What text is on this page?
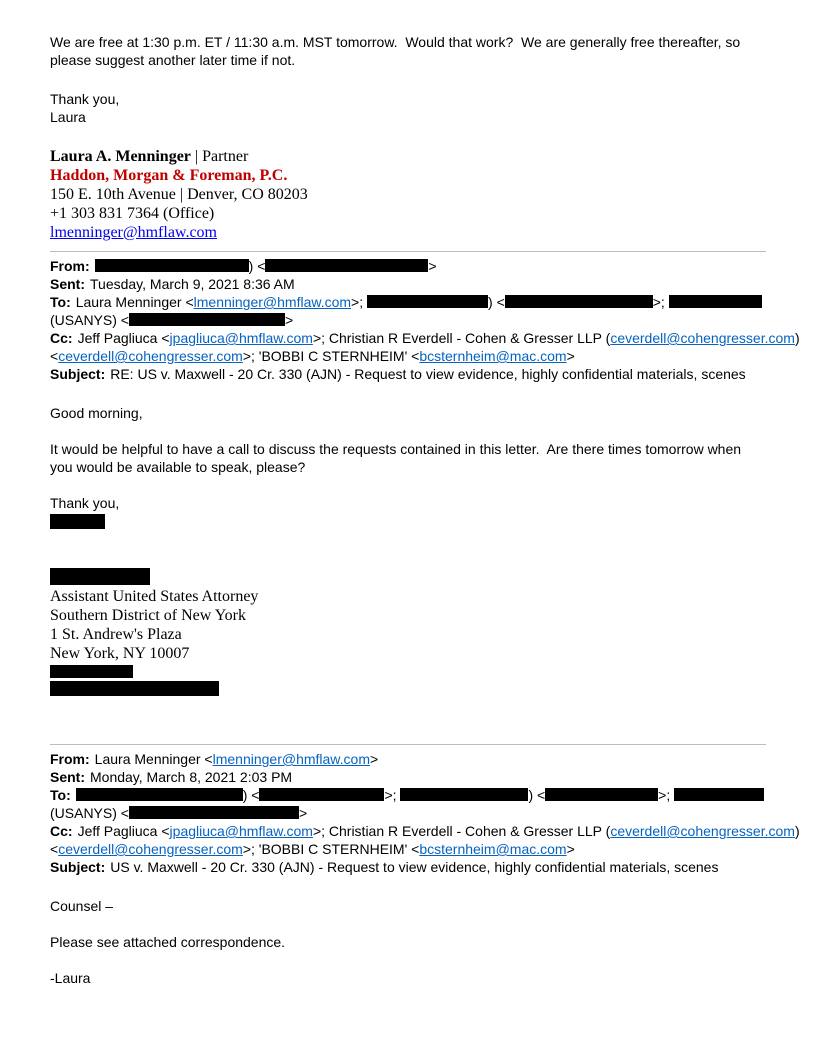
We are free at 1:30 p.m. ET / 11:30 a.m. MST tomorrow.  Would that work?  We are generally free thereafter, so please suggest another later time if not.
Thank you,
Laura
Laura A. Menninger | Partner
Haddon, Morgan & Foreman, P.C.
150 E. 10th Avenue | Denver, CO 80203
+1 303 831 7364 (Office)
lmenninger@hmflaw.com
From:	) <	>
Sent: Tuesday, March 9, 2021 8:36 AM
To: Laura Menninger <lmenninger@hmflaw.com>;	) <	>;
(USANYS) <	>
Cc: Jeff Pagliuca <jpagliuca@hmflaw.com>; Christian R Everdell - Cohen & Gresser LLP (ceverdell@cohengresser.com)
<ceverdell@cohengresser.com>; 'BOBBI C STERNHEIM' <bcsternheim@mac.com>
Subject: RE: US v. Maxwell - 20 Cr. 330 (AJN) - Request to view evidence, highly confidential materials, scenes
Good morning,
It would be helpful to have a call to discuss the requests contained in this letter.  Are there times tomorrow when you would be available to speak, please?
Thank you,
Assistant United States Attorney
Southern District of New York
1 St. Andrew's Plaza
New York, NY 10007
From: Laura Menninger <lmenninger@hmflaw.com>
Sent: Monday, March 8, 2021 2:03 PM
To:	) <	>;	) <	>;
(USANYS) <	>
Cc: Jeff Pagliuca <jpagliuca@hmflaw.com>; Christian R Everdell - Cohen & Gresser LLP (ceverdell@cohengresser.com)
<ceverdell@cohengresser.com>; 'BOBBI C STERNHEIM' <bcsternheim@mac.com>
Subject: US v. Maxwell - 20 Cr. 330 (AJN) - Request to view evidence, highly confidential materials, scenes
Counsel –
Please see attached correspondence.
-Laura
